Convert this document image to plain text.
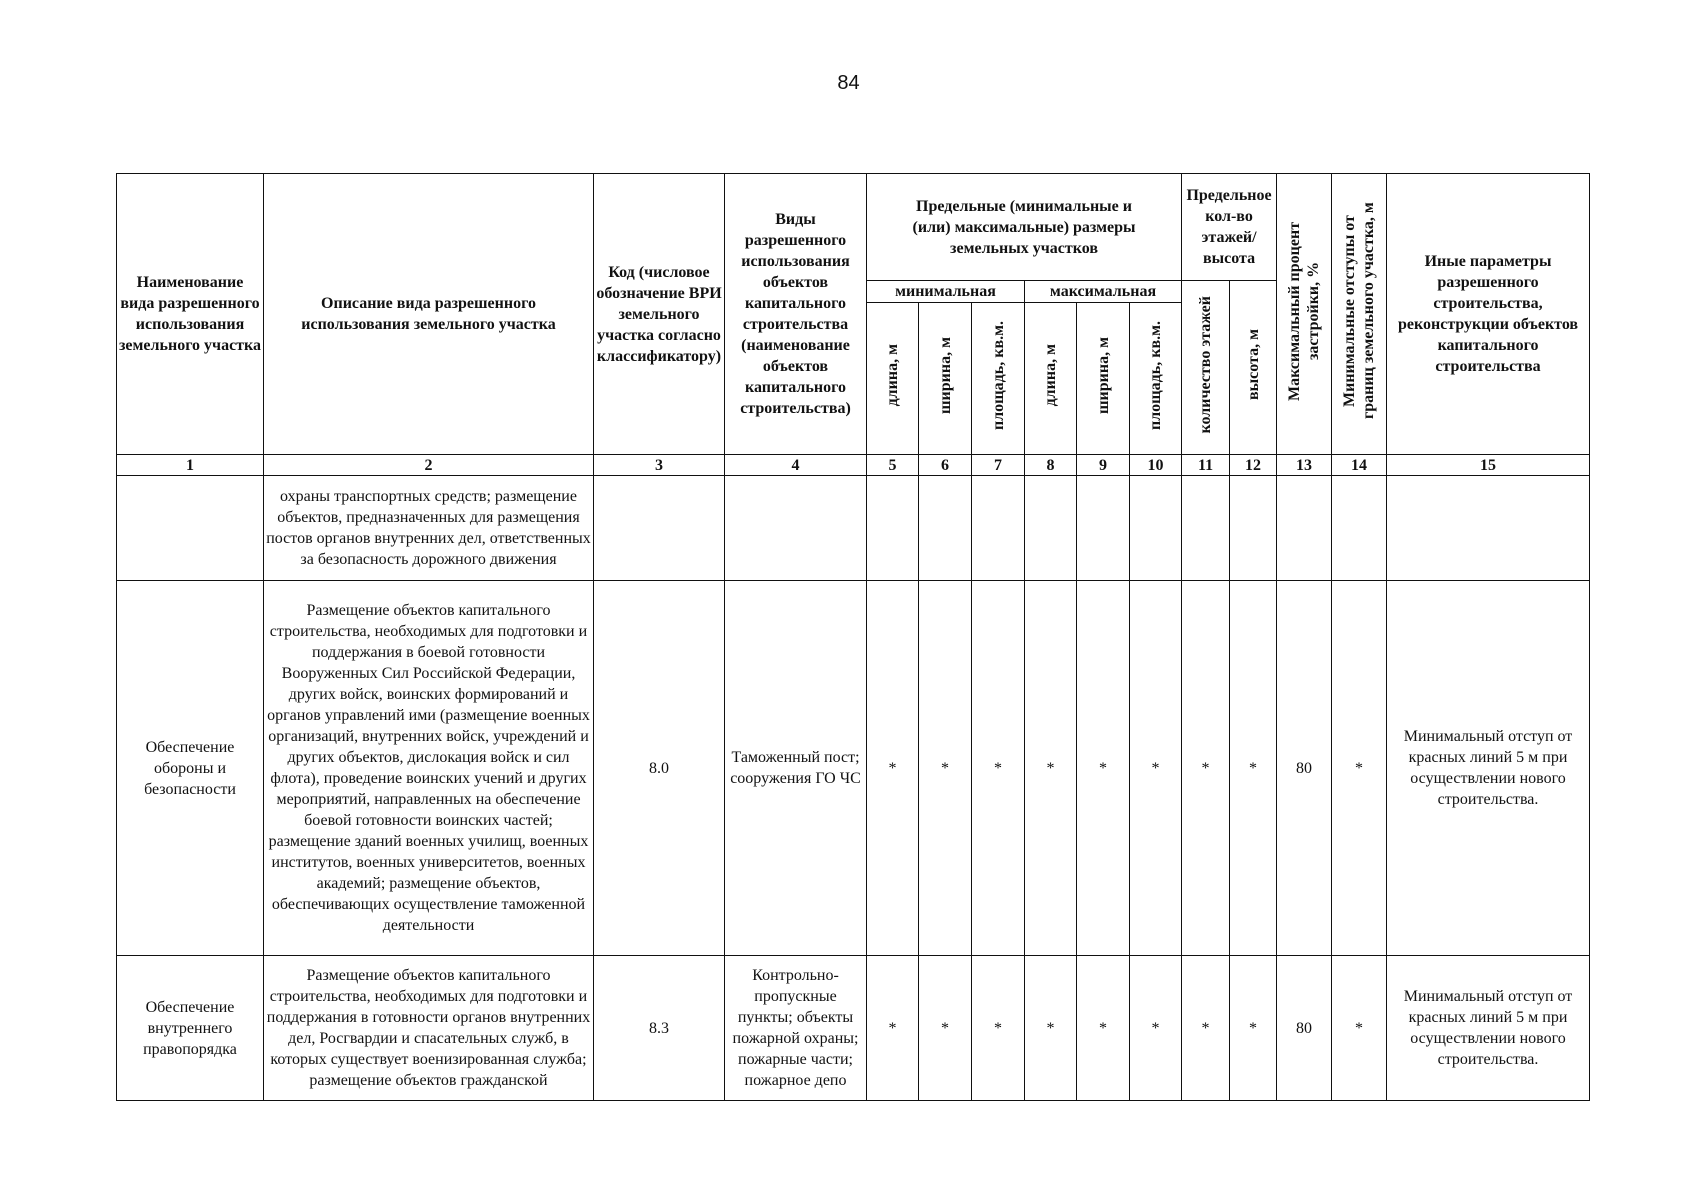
84
Наименование вида разрешенного использования земельного участка	Описание вида разрешенного использования земельного участка	Код (числовое обозначение ВРИ земельного участка согласно классификатору)	Виды разрешенного использования объектов капитального строительства (наименование объектов капитального строительства)	Предельные (минимальные и (или) максимальные) размеры земельных участков						Предельное кол-во этажей/ высота		Максимальный процент застройки, %	Минимальные отступы от границ земельного участка, м	Иные параметры разрешенного строительства, реконструкции объектов капитального строительства
				минимальная			максимальная			количество этажей	высота, м			
				длина, м	ширина, м	площадь, кв.м.	длина, м	ширина, м	площадь, кв.м.					
1	2	3	4	5	6	7	8	9	10	11	12	13	14	15
	охраны транспортных средств; размещение объектов, предназначенных для размещения постов органов внутренних дел, ответственных за безопасность дорожного движения													
Обеспечение обороны и безопасности	Размещение объектов капитального строительства, необходимых для подготовки и поддержания в боевой готовности Вооруженных Сил Российской Федерации, других войск, воинских формирований и органов управлений ими (размещение военных организаций, внутренних войск, учреждений и других объектов, дислокация войск и сил флота), проведение воинских учений и других мероприятий, направленных на обеспечение боевой готовности воинских частей; размещение зданий военных училищ, военных институтов, военных университетов, военных академий; размещение объектов, обеспечивающих осуществление таможенной деятельности	8.0	Таможенный пост; сооружения ГО ЧС	*	*	*	*	*	*	*	*	80	*	Минимальный отступ от красных линий 5 м при осуществлении нового строительства.
Обеспечение внутреннего правопорядка	Размещение объектов капитального строительства, необходимых для подготовки и поддержания в готовности органов внутренних дел, Росгвардии и спасательных служб, в которых существует военизированная служба; размещение объектов гражданской	8.3	Контрольно-пропускные пункты; объекты пожарной охраны; пожарные части; пожарное депо	*	*	*	*	*	*	*	*	80	*	Минимальный отступ от красных линий 5 м при осуществлении нового строительства.
